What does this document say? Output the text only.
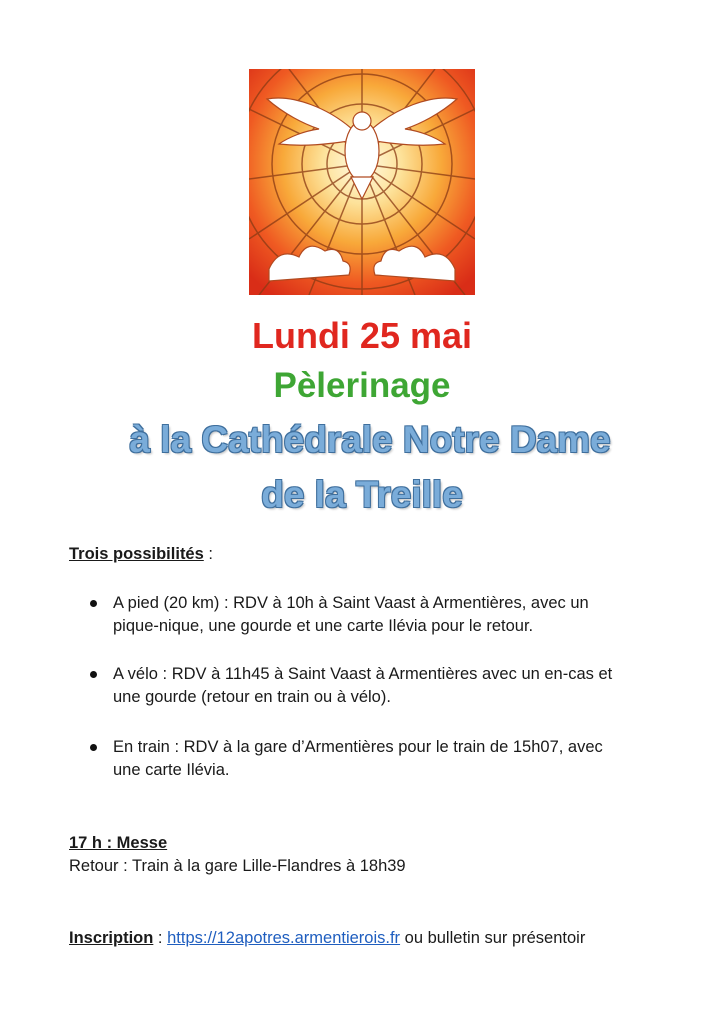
Lundi 25 mai
Pèlerinage
à la Cathédrale Notre Dame
de la Treille
Trois possibilités :
A pied (20 km) : RDV à 10h à Saint Vaast à Armentières, avec un
pique-nique, une gourde et une carte Ilévia pour le retour.
A vélo : RDV à 11h45 à Saint Vaast à Armentières avec un en-cas et
une gourde (retour en train ou à vélo).
En train : RDV à la gare d’Armentières pour le train de 15h07, avec
une carte Ilévia.
17 h : Messe
Retour : Train à la gare Lille-Flandres à 18h39
Inscription : https://12apotres.armentierois.fr ou bulletin sur présentoir
